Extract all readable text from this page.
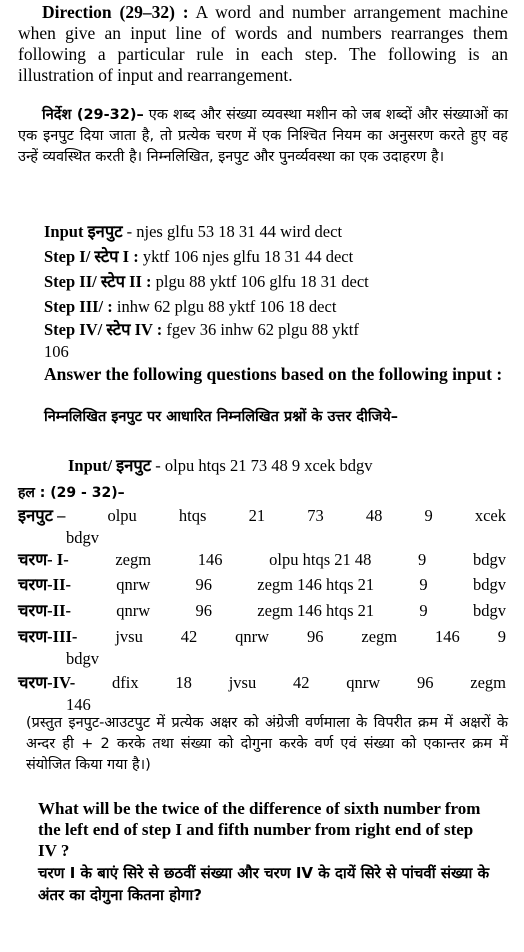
Direction (29–32) : A word and number arrangement machine when give an input line of words and numbers rearranges them following a particular rule in each step. The following is an illustration of input and rearrangement.

निर्देश (29-32)– एक शब्द और संख्या व्यवस्था मशीन को जब शब्दों और संख्याओं का एक इनपुट दिया जाता है, तो प्रत्येक चरण में एक निश्चित नियम का अनुसरण करते हुए वह उन्हें व्यवस्थित करती है। निम्नलिखित, इनपुट और पुनर्व्यवस्था का एक उदाहरण है।

Input इनपुट - njes glfu 53 18 31 44 wird dect
Step I/ स्टेप I : yktf 106 njes glfu 18 31 44 dect
Step II/ स्टेप II : plgu 88 yktf 106 glfu 18 31 dect
Step III/ : inhw 62 plgu 88 yktf 106 18 dect
Step IV/ स्टेप IV : fgev 36 inhw 62 plgu 88 yktf
106

Answer the following questions based on the following input :

निम्नलिखित इनपुट पर आधारित निम्नलिखित प्रश्नों के उत्तर दीजिये–

Input/ इनपुट - olpu htqs 21 73 48 9 xcek bdgv
हल : (29 - 32)–
इनपुट –	olpu	htqs	21	73	48	9	xcek
bdgv
चरण- I-	zegm	146	olpu htqs 21 48	9	bdgv
चरण-II-	qnrw	96	zegm 146 htqs 21	9	bdgv
चरण-II-	qnrw	96	zegm 146 htqs 21	9	bdgv
चरण-III- jvsu 42 qnrw 96 zegm 146 9
bdgv
चरण-IV- dfix 18 jvsu 42 qnrw 96 zegm
146

(प्रस्तुत इनपुट-आउटपुट में प्रत्येक अक्षर को अंग्रेजी वर्णमाला के विपरीत क्रम में अक्षरों के अन्दर ही + 2 करके तथा संख्या को दोगुना करके वर्ण एवं संख्या को एकान्तर क्रम में संयोजित किया गया है।)

What will be the twice of the difference of sixth number from the left end of step I and fifth number from right end of step IV ?

चरण I के बाएं सिरे से छठवीं संख्या और चरण IV के दायें सिरे से पांचवीं संख्या के अंतर का दोगुना कितना होगा?
